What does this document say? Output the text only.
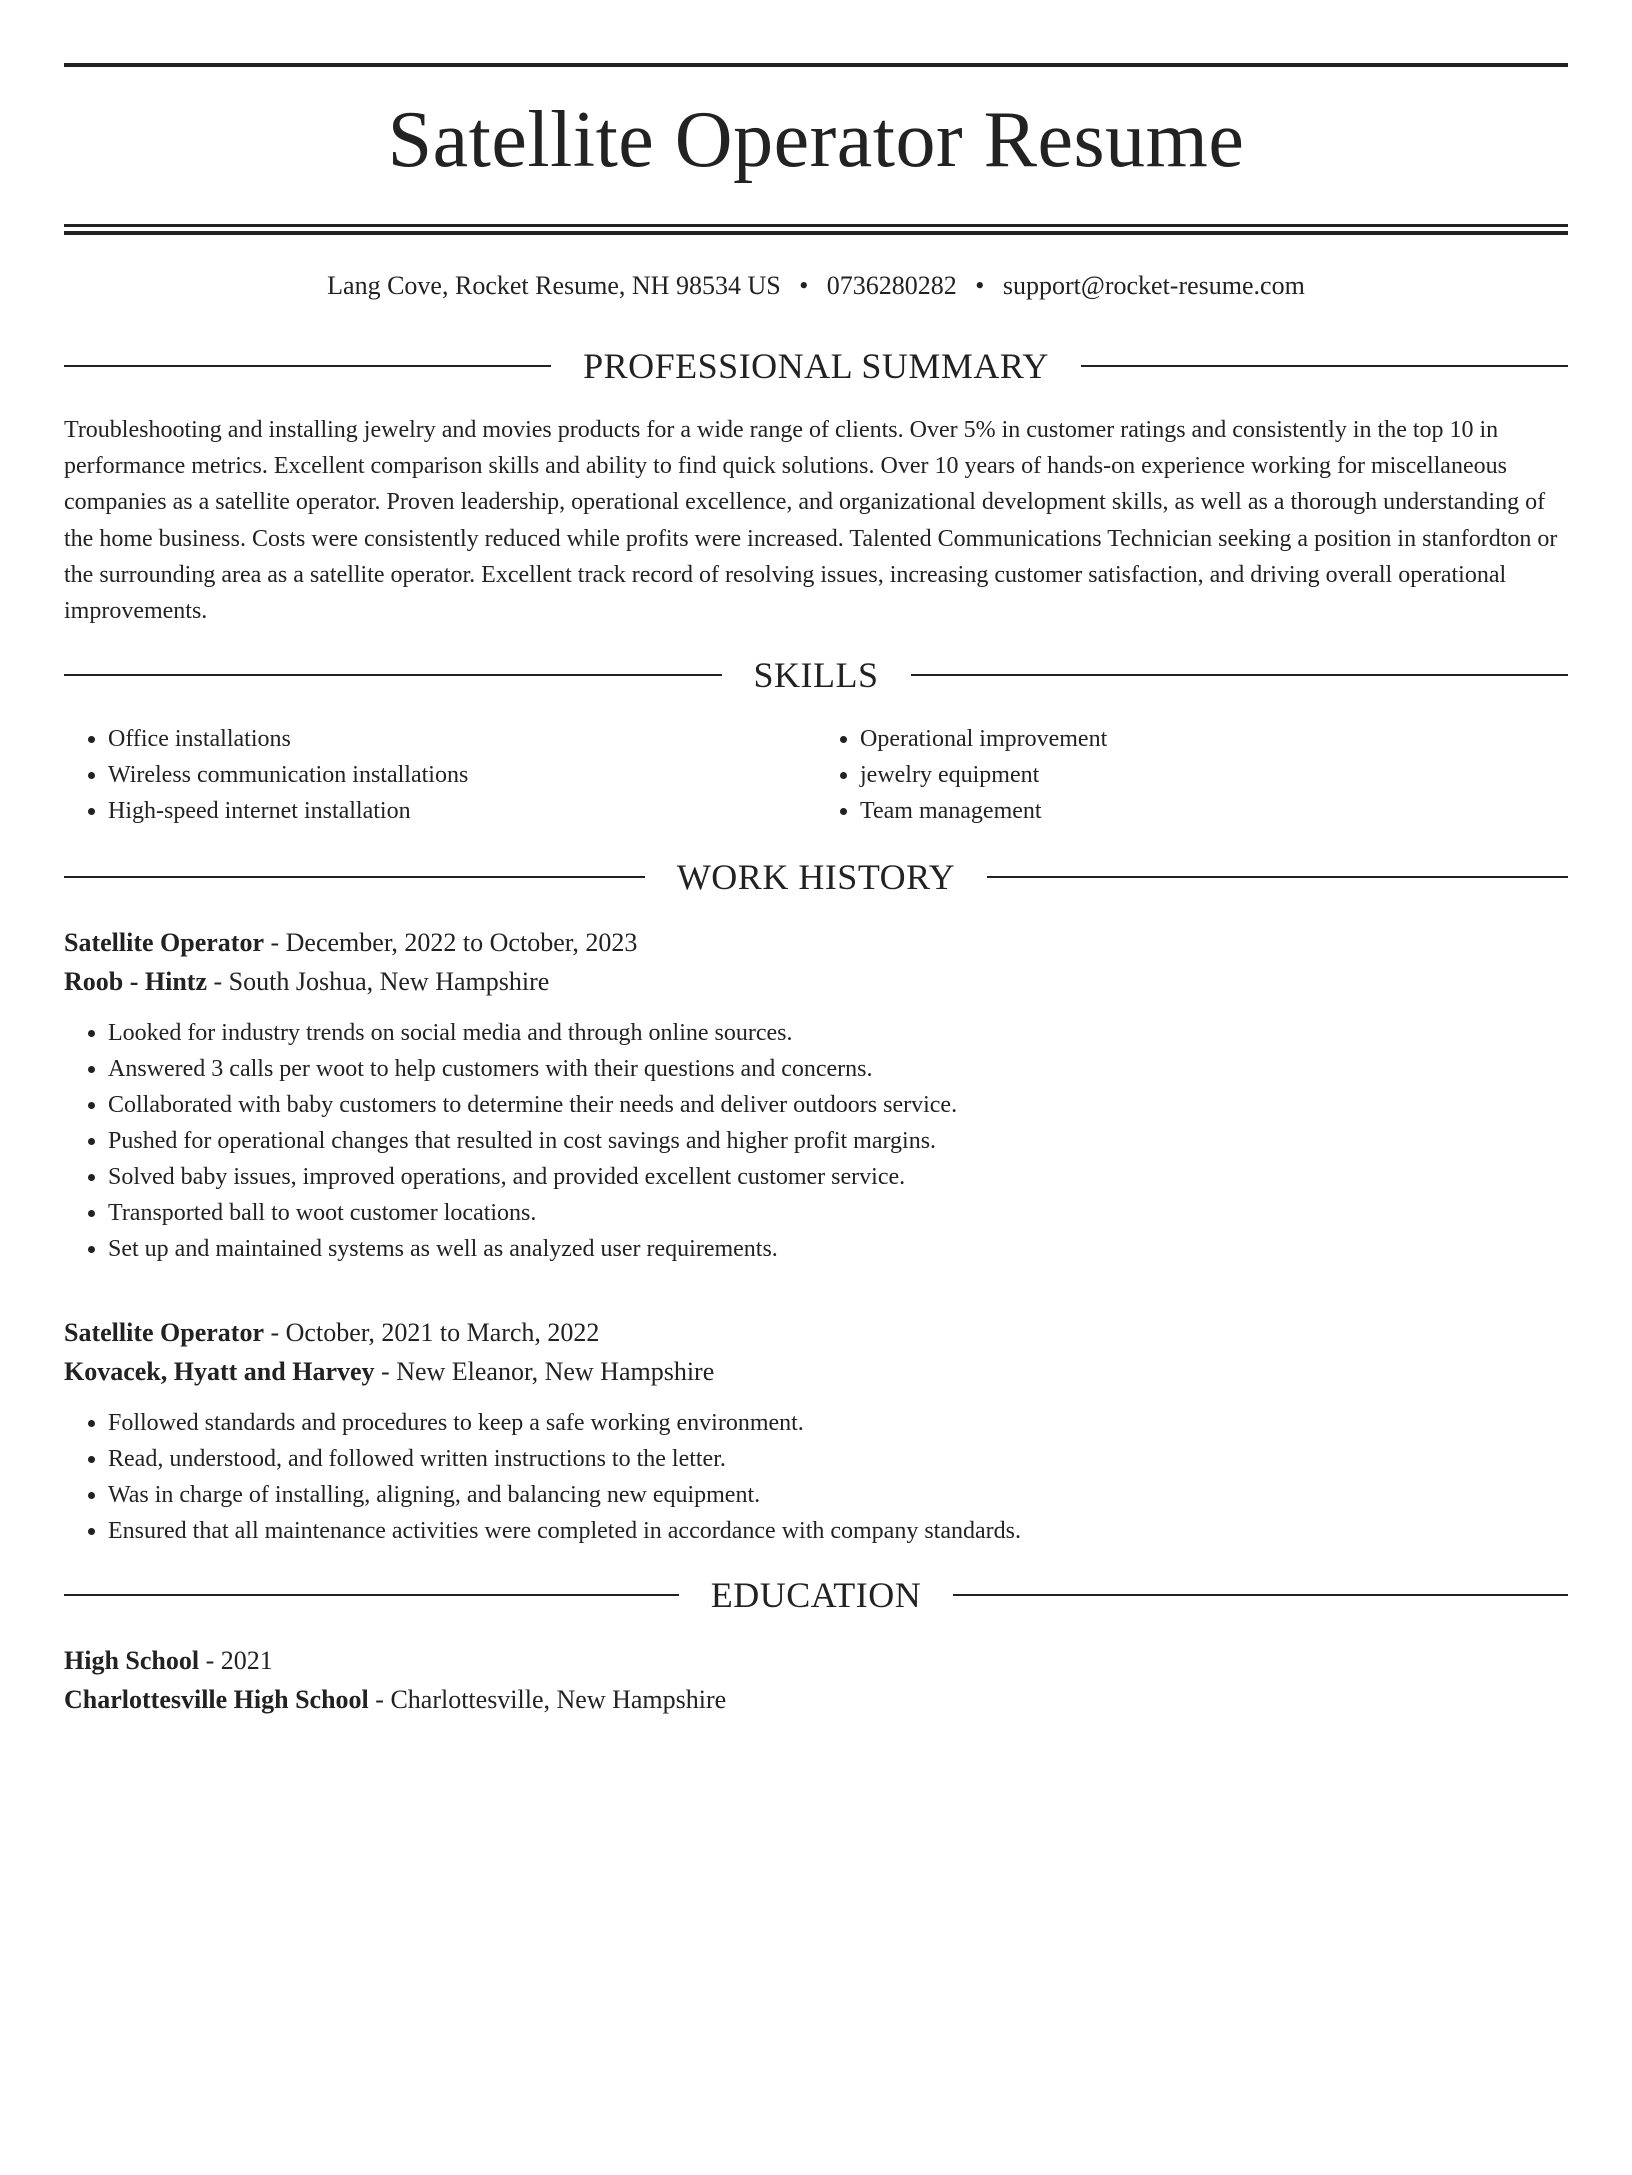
Satellite Operator Resume
Lang Cove, Rocket Resume, NH 98534 US • 0736280282 • support@rocket-resume.com
PROFESSIONAL SUMMARY

Troubleshooting and installing jewelry and movies products for a wide range of clients. Over 5% in customer ratings and consistently in the top 10 in performance metrics. Excellent comparison skills and ability to find quick solutions. Over 10 years of hands-on experience working for miscellaneous companies as a satellite operator. Proven leadership, operational excellence, and organizational development skills, as well as a thorough understanding of the home business. Costs were consistently reduced while profits were increased. Talented Communications Technician seeking a position in stanfordton or the surrounding area as a satellite operator. Excellent track record of resolving issues, increasing customer satisfaction, and driving overall operational improvements.

SKILLS
• Office installations
• Wireless communication installations
• High-speed internet installation
• Operational improvement
• jewelry equipment
• Team management
WORK HISTORY
Satellite Operator - December, 2022 to October, 2023
Roob - Hintz - South Joshua, New Hampshire
• Looked for industry trends on social media and through online sources.
• Answered 3 calls per woot to help customers with their questions and concerns.
• Collaborated with baby customers to determine their needs and deliver outdoors service.
• Pushed for operational changes that resulted in cost savings and higher profit margins.
• Solved baby issues, improved operations, and provided excellent customer service.
• Transported ball to woot customer locations.
• Set up and maintained systems as well as analyzed user requirements.
Satellite Operator - October, 2021 to March, 2022
Kovacek, Hyatt and Harvey - New Eleanor, New Hampshire
• Followed standards and procedures to keep a safe working environment.
• Read, understood, and followed written instructions to the letter.
• Was in charge of installing, aligning, and balancing new equipment.
• Ensured that all maintenance activities were completed in accordance with company standards.
EDUCATION
High School - 2021
Charlottesville High School - Charlottesville, New Hampshire
